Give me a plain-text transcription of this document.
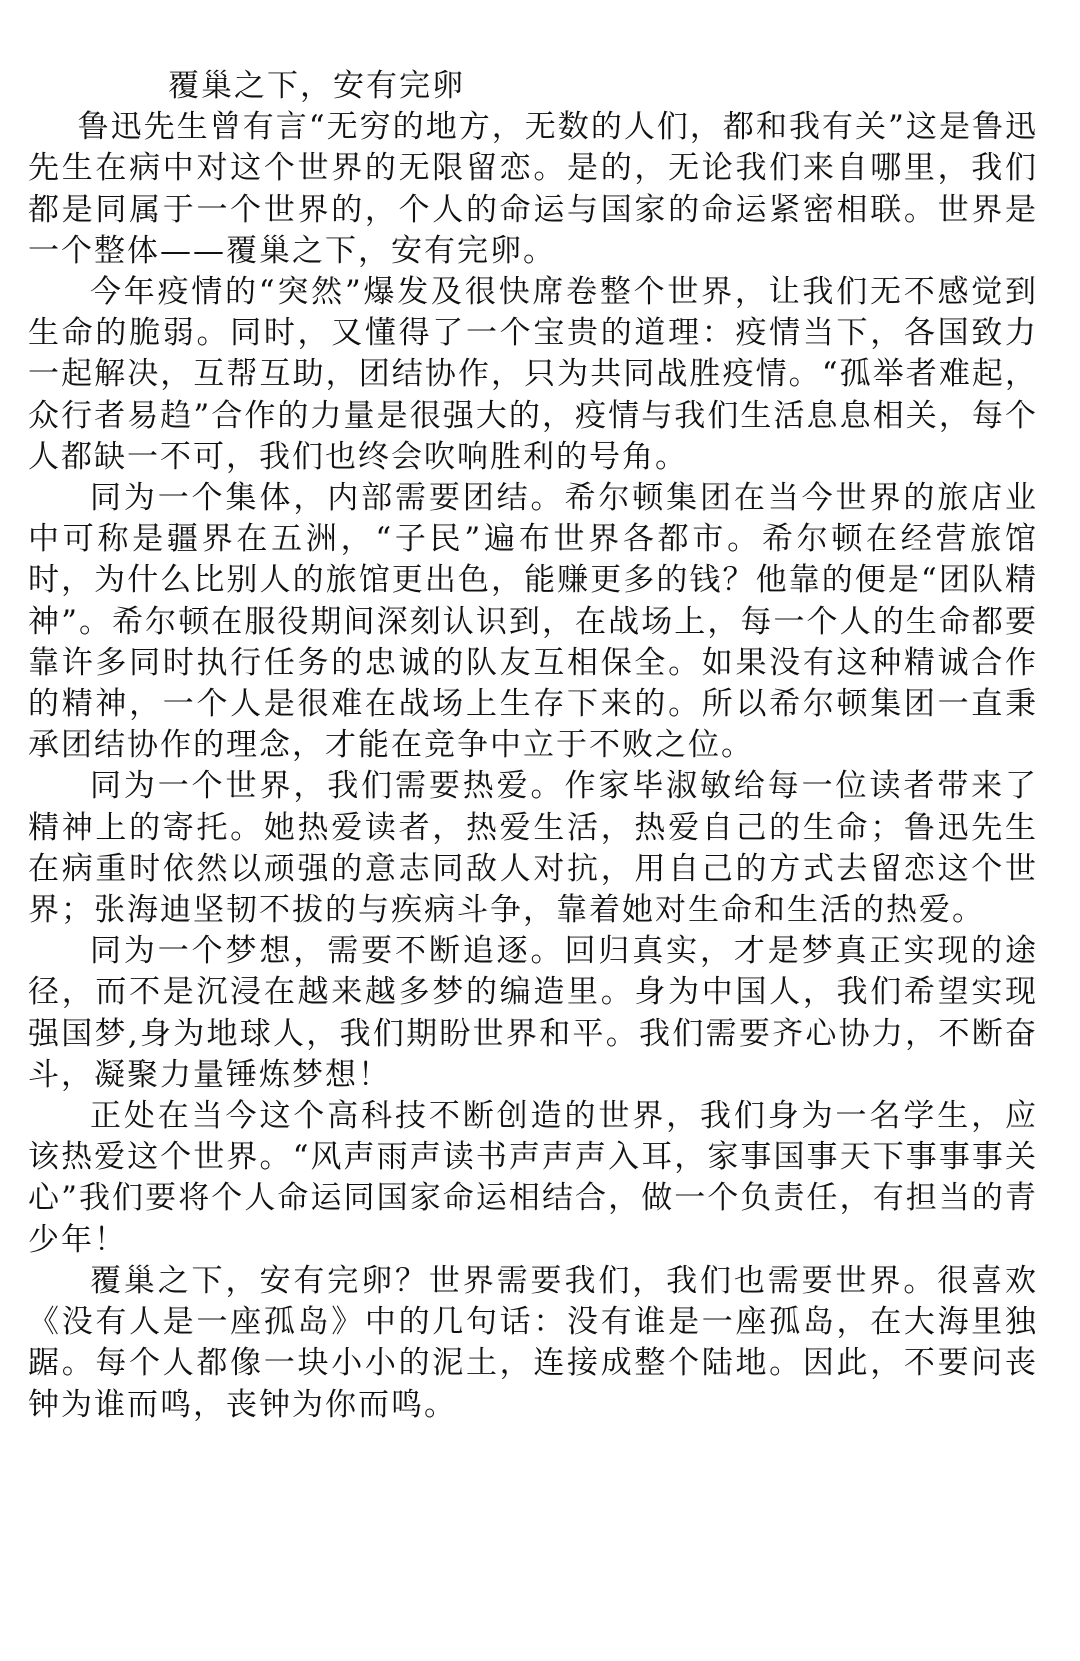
覆巢之下，安有完卵

鲁迅先生曾有言“无穷的地方，无数的人们，都和我有关”这是鲁迅先生在病中对这个世界的无限留恋。是的，无论我们来自哪里，我们都是同属于一个世界的，个人的命运与国家的命运紧密相联。世界是一个整体——覆巢之下，安有完卵。

今年疫情的“突然”爆发及很快席卷整个世界，让我们无不感觉到生命的脆弱。同时，又懂得了一个宝贵的道理：疫情当下，各国致力一起解决，互帮互助，团结协作，只为共同战胜疫情。“孤举者难起，众行者易趋”合作的力量是很强大的，疫情与我们生活息息相关，每个人都缺一不可，我们也终会吹响胜利的号角。

同为一个集体，内部需要团结。希尔顿集团在当今世界的旅店业中可称是疆界在五洲，“子民”遍布世界各都市。希尔顿在经营旅馆时，为什么比别人的旅馆更出色，能赚更多的钱？他靠的便是“团队精神”。希尔顿在服役期间深刻认识到，在战场上，每一个人的生命都要靠许多同时执行任务的忠诚的队友互相保全。如果没有这种精诚合作的精神，一个人是很难在战场上生存下来的。所以希尔顿集团一直秉承团结协作的理念，才能在竞争中立于不败之位。

同为一个世界，我们需要热爱。作家毕淑敏给每一位读者带来了精神上的寄托。她热爱读者，热爱生活，热爱自己的生命；鲁迅先生在病重时依然以顽强的意志同敌人对抗，用自己的方式去留恋这个世界；张海迪坚韧不拔的与疾病斗争，靠着她对生命和生活的热爱。

同为一个梦想，需要不断追逐。回归真实，才是梦真正实现的途径，而不是沉浸在越来越多梦的编造里。身为中国人，我们希望实现强国梦,身为地球人，我们期盼世界和平。我们需要齐心协力，不断奋斗，凝聚力量锤炼梦想！

正处在当今这个高科技不断创造的世界，我们身为一名学生，应该热爱这个世界。“风声雨声读书声声声入耳，家事国事天下事事事关心”我们要将个人命运同国家命运相结合，做一个负责任，有担当的青少年！

覆巢之下，安有完卵？世界需要我们，我们也需要世界。很喜欢《没有人是一座孤岛》中的几句话：没有谁是一座孤岛，在大海里独踞。每个人都像一块小小的泥土，连接成整个陆地。因此，不要问丧钟为谁而鸣，丧钟为你而鸣。
